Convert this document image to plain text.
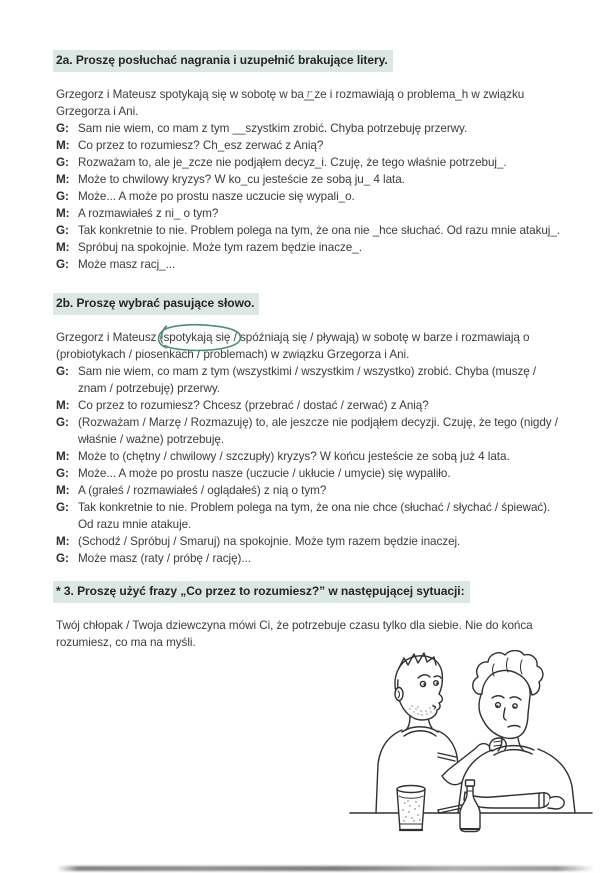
2a. Proszę posłuchać nagrania i uzupełnić brakujące litery.

Grzegorz i Mateusz spotykają się w sobotę w ba r ze i rozmawiają o problema_h w związku Grzegorza i Ani.

G: Sam nie wiem, co mam z tym __szystkim zrobić. Chyba potrzebuję przerwy.
M: Co przez to rozumiesz? Ch_esz zerwać z Anią?
G: Rozważam to, ale je_zcze nie podjąłem decyz_i. Czuję, że tego właśnie potrzebuj_.
M: Może to chwilowy kryzys? W ko_cu jesteście ze sobą ju_ 4 lata.
G: Może... A może po prostu nasze uczucie się wypali_o.
M: A rozmawiałeś z ni_ o tym?
G: Tak konkretnie to nie. Problem polega na tym, że ona nie _hce słuchać. Od razu mnie atakuj_.
M: Spróbuj na spokojnie. Może tym razem będzie inacze_.
G: Może masz racj_...
2b. Proszę wybrać pasujące słowo.

Grzegorz i Mateusz (spotykają się
/ spóźniają się / pływają) w sobotę w barze i rozmawiają o (probiotykach / piosenkach / problemach) w związku Grzegorza i Ani.

G: Sam nie wiem, co mam z tym (wszystkimi / wszystkim / wszystko) zrobić. Chyba (muszę / znam / potrzebuję) przerwy.
M: Co przez to rozumiesz? Chcesz (przebrać / dostać / zerwać) z Anią?
G: (Rozważam / Marzę / Rozmazuję) to, ale jeszcze nie podjąłem decyzji. Czuję, że tego (nigdy / właśnie / ważne) potrzebuję.
M: Może to (chętny / chwilowy / szczupły) kryzys? W końcu jesteście ze sobą już 4 lata.
G: Może... A może po prostu nasze (uczucie / ukłucie / umycie) się wypaliło.
M: A (grałeś / rozmawiałeś / oglądałeś) z nią o tym?
G: Tak konkretnie to nie. Problem polega na tym, że ona nie chce (słuchać / słychać / śpiewać). Od razu mnie atakuje.
M: (Schodź / Spróbuj / Smaruj) na spokojnie. Może tym razem będzie inaczej.
G: Może masz (raty / próbę / rację)...
* 3. Proszę użyć frazy „Co przez to rozumiesz?” w następującej sytuacji:

Twój chłopak / Twoja dziewczyna mówi Ci, że potrzebuje czasu tylko dla siebie. Nie do końca rozumiesz, co ma na myśli.
